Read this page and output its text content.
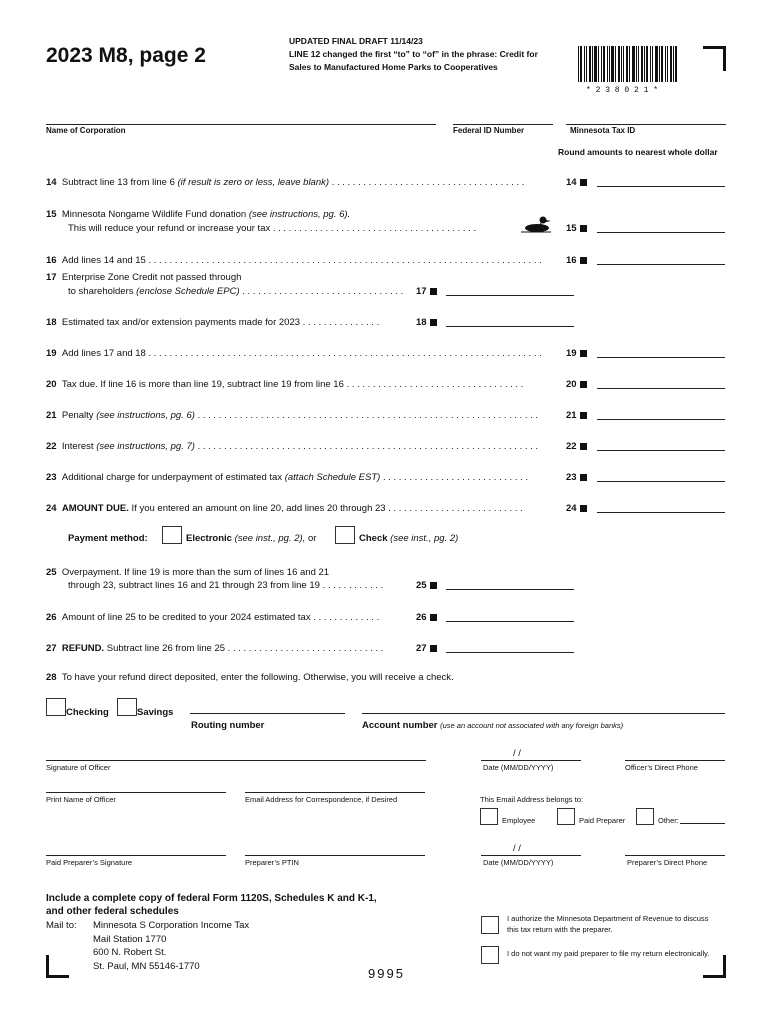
2023 M8, page 2
UPDATED FINAL DRAFT 11/14/23
LINE 12 changed the first “to” to “of” in the phrase: Credit for
Sales to Manufactured Home Parks to Cooperatives
* 2 3 8 0 2 1 *
Name of Corporation	Federal ID Number	Minnesota Tax ID
Round amounts to nearest whole dollar
14 Subtract line 13 from line 6 (if result is zero or less, leave blank) . . . . . . . . . . . . . . . . . . . . . . . . . . . . . . . . . . . . .	14
15 Minnesota Nongame Wildlife Fund donation (see instructions, pg. 6).
This will reduce your refund or increase your tax . . . . . . . . . . . . . . . . . . . . . . . . . . . . . . . . . . . . . . .	15
16 Add lines 14 and 15 . . . . . . . . . . . . . . . . . . . . . . . . . . . . . . . . . . . . . . . . . . . . . . . . . . . . . . . . . . . . . . . . . . . . . . . . . . .	16
17 Enterprise Zone Credit not passed through
to shareholders (enclose Schedule EPC) . . . . . . . . . . . . . . . . . . . . . . . . . . . . . . . 17
18 Estimated tax and/or extension payments made for 2023 . . . . . . . . . . . . . . .	18
19 Add lines 17 and 18 . . . . . . . . . . . . . . . . . . . . . . . . . . . . . . . . . . . . . . . . . . . . . . . . . . . . . . . . . . . . . . . . . . . . . . . . . . .	19
20 Tax due. If line 16 is more than line 19, subtract line 19 from line 16 . . . . . . . . . . . . . . . . . . . . . . . . . . . . . . . . . .	20
21 Penalty (see instructions, pg. 6) . . . . . . . . . . . . . . . . . . . . . . . . . . . . . . . . . . . . . . . . . . . . . . . . . . . . . . . . . . . . . . . . .	21
22 Interest (see instructions, pg. 7) . . . . . . . . . . . . . . . . . . . . . . . . . . . . . . . . . . . . . . . . . . . . . . . . . . . . . . . . . . . . . . . . .	22
23 Additional charge for underpayment of estimated tax (attach Schedule EST) . . . . . . . . . . . . . . . . . . . . . . . . . . . .	23
24 AMOUNT DUE. If you entered an amount on line 20, add lines 20 through 23 . . . . . . . . . . . . . . . . . . . . . . . . . .	24
Payment method:	Electronic (see inst., pg. 2), or	Check (see inst., pg. 2)
25 Overpayment. If line 19 is more than the sum of lines 16 and 21
through 23, subtract lines 16 and 21 through 23 from line 19 . . . . . . . . . . . .	25
26 Amount of line 25 to be credited to your 2024 estimated tax . . . . . . . . . . . . .	26
27 REFUND. Subtract line 26 from line 25 . . . . . . . . . . . . . . . . . . . . . . . . . . . . . .	27
28 To have your refund direct deposited, enter the following. Otherwise, you will receive a check.
Checking	Savings
Routing number	Account number (use an account not associated with any foreign banks)
Signature of Officer
/ /
Date (MM/DD/YYYY)	Officer’s Direct Phone
Print Name of Officer	Email Address for Correspondence, if Desired	This Email Address belongs to:
Employee	Paid Preparer	Other:
Paid Preparer’s Signature	Preparer’s PTIN
/ /
Date (MM/DD/YYYY)	Preparer’s Direct Phone
Include a complete copy of federal Form 1120S, Schedules K and K-1,
and other federal schedules
Mail to: Minnesota S Corporation Income Tax
Mail Station 1770
600 N. Robert St.
St. Paul, MN 55146-1770	9995
I authorize the Minnesota Department of Revenue to discuss
this tax return with the preparer.
I do not want my paid preparer to file my return electronically.
